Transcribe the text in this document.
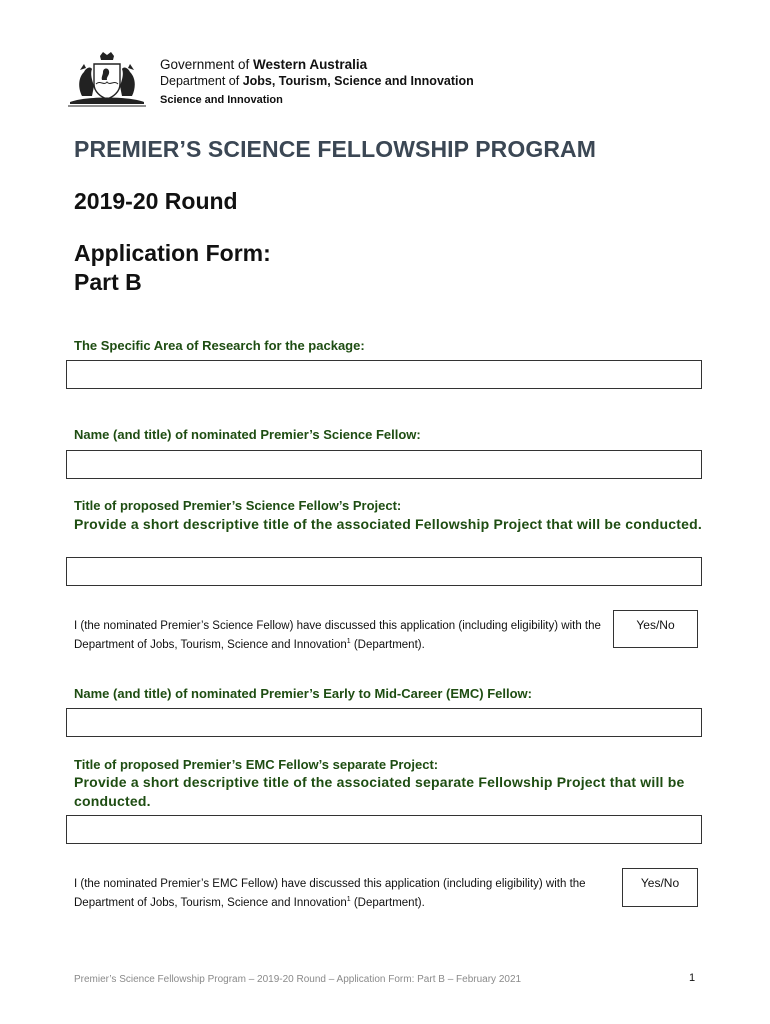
Government of Western Australia
Department of Jobs, Tourism, Science and Innovation
Science and Innovation
PREMIER’S SCIENCE FELLOWSHIP PROGRAM
2019-20 Round
Application Form:
Part B
The Specific Area of Research for the package:
Name (and title) of nominated Premier’s Science Fellow:
Title of proposed Premier’s Science Fellow’s Project:
Provide a short descriptive title of the associated Fellowship Project that will be conducted.
I (the nominated Premier’s Science Fellow) have discussed this application (including eligibility) with the Department of Jobs, Tourism, Science and Innovation$^1$ (Department).
Yes/No
Name (and title) of nominated Premier’s Early to Mid-Career (EMC) Fellow:
Title of proposed Premier’s EMC Fellow’s separate Project:
Provide a short descriptive title of the associated separate Fellowship Project that will be conducted.
I (the nominated Premier’s EMC Fellow) have discussed this application (including eligibility) with the Department of Jobs, Tourism, Science and Innovation$^1$ (Department).
Yes/No
Premier’s Science Fellowship Program – 2019-20 Round – Application Form: Part B – February 2021	1
